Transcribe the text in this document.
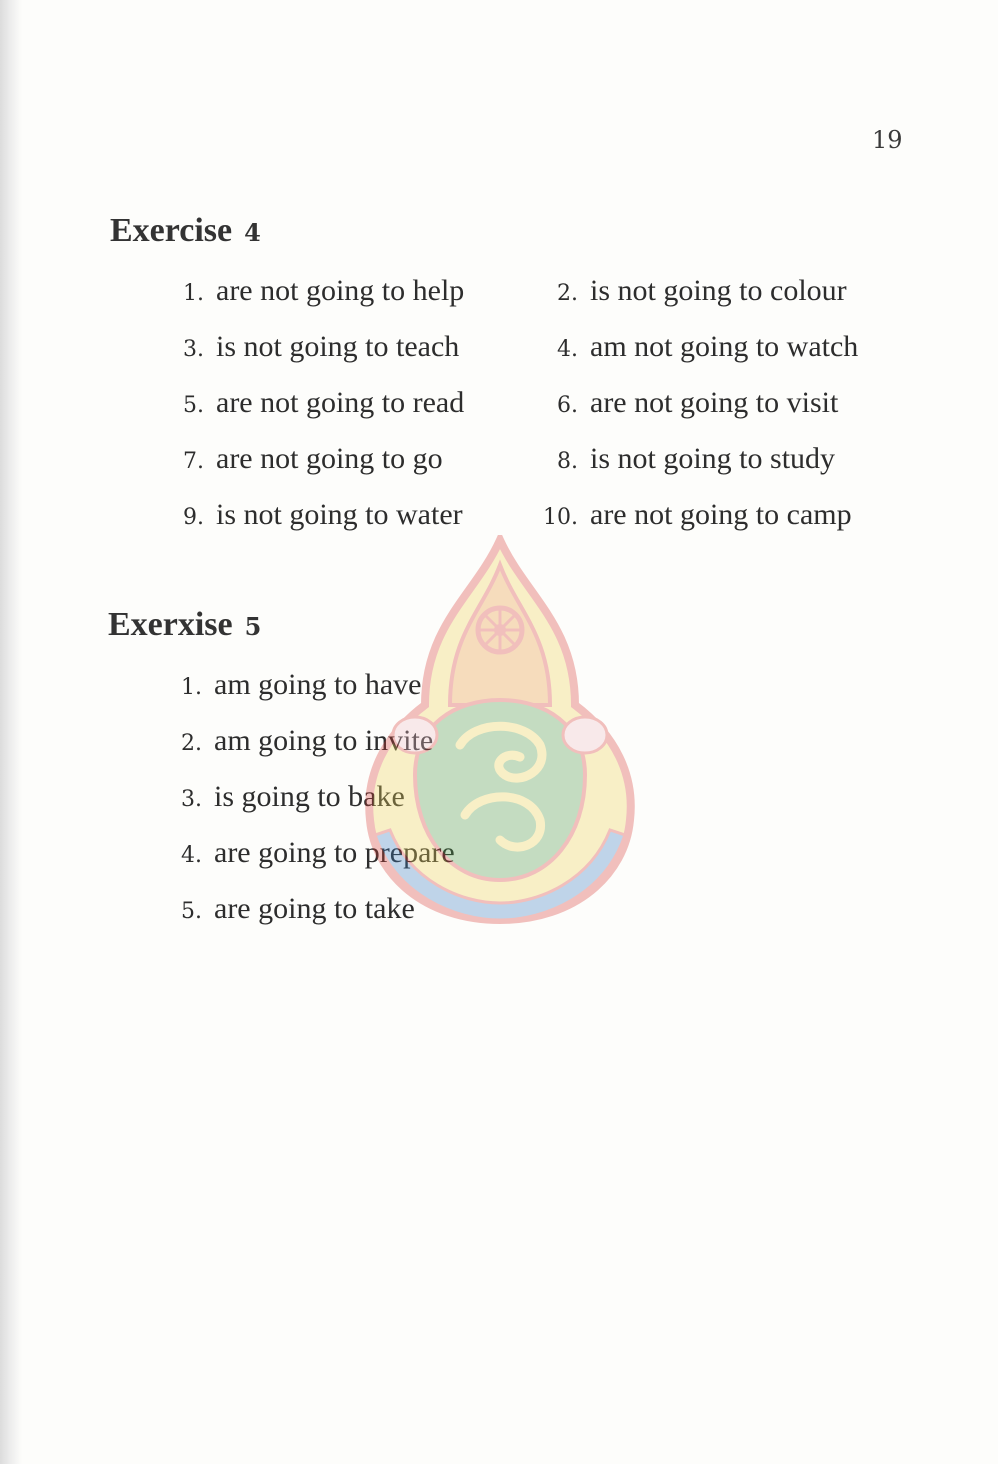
19
Exercise 4
1. are not going to help	2. is not going to colour
3. is not going to teach	4. am not going to watch
5. are not going to read	6. are not going to visit
7. are not going to go	8. is not going to study
9. is not going to water	10. are not going to camp
Exerxise 5
1. am going to have
2. am going to invite
3. is going to bake
4. are going to prepare
5. are going to take
